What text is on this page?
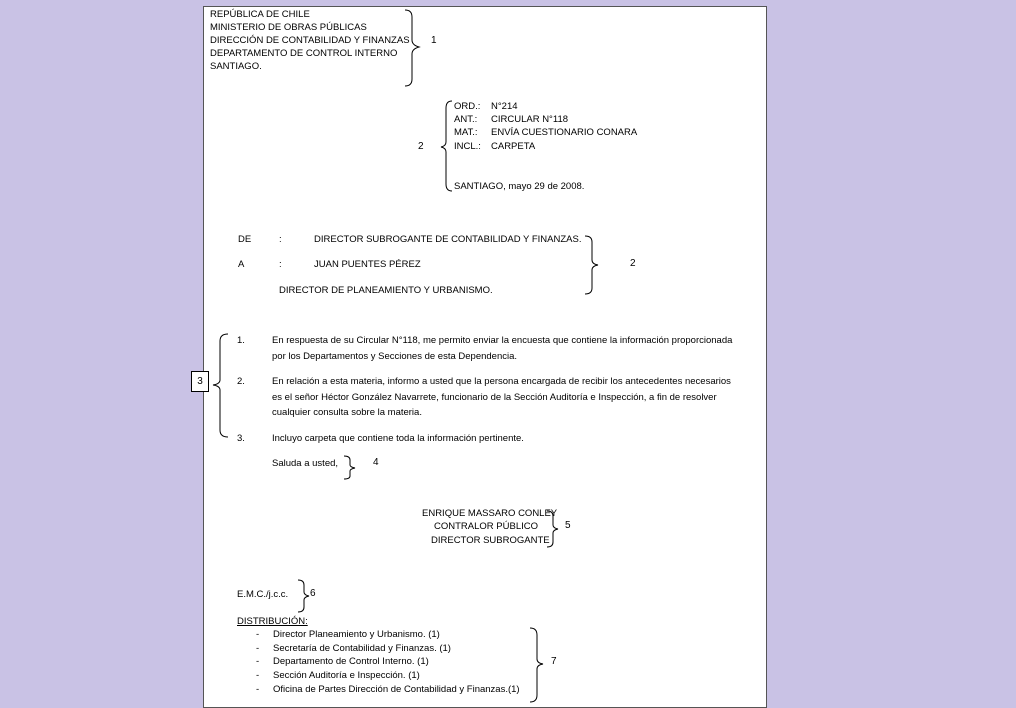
REPÚBLICA DE CHILE
MINISTERIO DE OBRAS PÚBLICAS
DIRECCIÓN DE CONTABILIDAD Y FINANZAS
DEPARTAMENTO DE CONTROL INTERNO
SANTIAGO.
1
2
ORD.: N°214
ANT.: CIRCULAR N°118
MAT.: ENVÍA CUESTIONARIO CONARA
INCL.: CARPETA
SANTIAGO, mayo 29 de 2008.
DE	:	DIRECTOR SUBROGANTE DE CONTABILIDAD Y FINANZAS.
A	:	JUAN PUENTES PÉREZ
DIRECTOR DE PLANEAMIENTO Y URBANISMO.
2
1.	En respuesta de su Circular N°118, me permito enviar la encuesta que contiene la información proporcionada
por los Departamentos y Secciones de esta Dependencia.
2.	En relación a esta materia, informo a usted que la persona encargada de recibir los antecedentes necesarios
es el señor Héctor González Navarrete, funcionario de la Sección Auditoría e Inspección, a fin de resolver
cualquier consulta sobre la materia.
3.	Incluyo carpeta que contiene toda la información pertinente.
Saluda a usted,	4
ENRIQUE MASSARO CONLEY
CONTRALOR PÚBLICO
DIRECTOR SUBROGANTE
5
E.M.C./j.c.c. 6
DISTRIBUCIÓN:
- Director Planeamiento y Urbanismo. (1)
- Secretaría de Contabilidad y Finanzas. (1)
- Departamento de Control Interno. (1)
- Sección Auditoría e Inspección. (1)
- Oficina de Partes Dirección de Contabilidad y Finanzas.(1)
7
3
